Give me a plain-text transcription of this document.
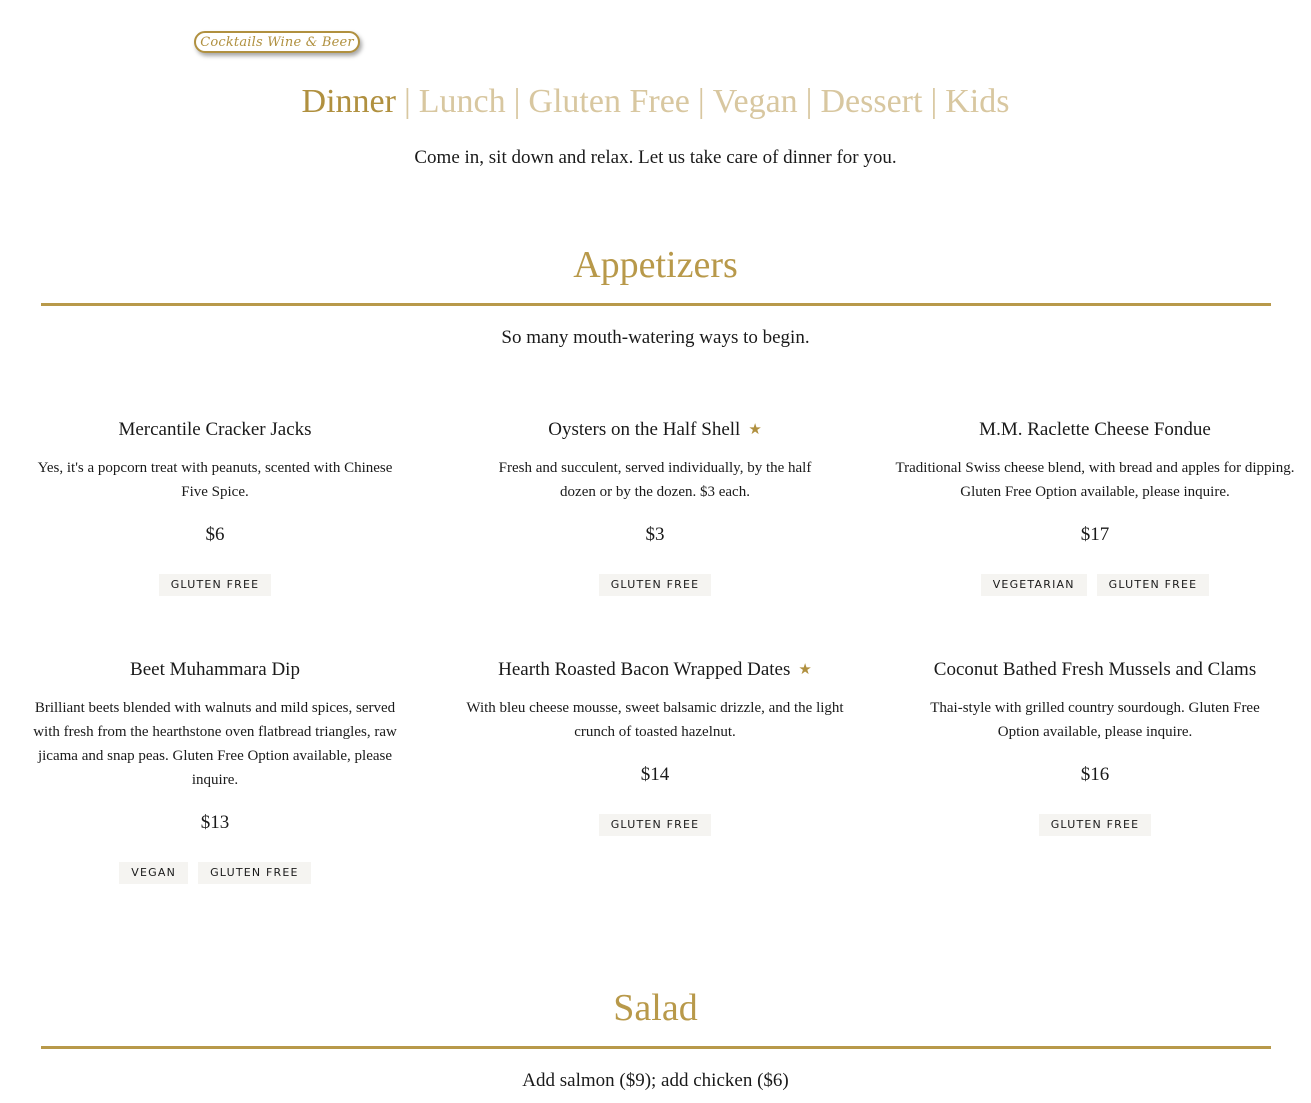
Cocktails Wine & Beer
Dinner | Lunch | Gluten Free | Vegan | Dessert | Kids
Come in, sit down and relax. Let us take care of dinner for you.
Appetizers
So many mouth-watering ways to begin.
Mercantile Cracker Jacks
Yes, it's a popcorn treat with peanuts, scented with Chinese Five Spice.
$6
GLUTEN FREE
Oysters on the Half Shell ★
Fresh and succulent, served individually, by the half dozen or by the dozen. $3 each.
$3
GLUTEN FREE
M.M. Raclette Cheese Fondue
Traditional Swiss cheese blend, with bread and apples for dipping. Gluten Free Option available, please inquire.
$17
VEGETARIAN	GLUTEN FREE
Beet Muhammara Dip
Brilliant beets blended with walnuts and mild spices, served with fresh from the hearthstone oven flatbread triangles, raw jicama and snap peas. Gluten Free Option available, please inquire.
$13
VEGAN	GLUTEN FREE
Hearth Roasted Bacon Wrapped Dates ★
With bleu cheese mousse, sweet balsamic drizzle, and the light crunch of toasted hazelnut.
$14
GLUTEN FREE
Coconut Bathed Fresh Mussels and Clams
Thai-style with grilled country sourdough. Gluten Free Option available, please inquire.
$16
GLUTEN FREE
Salad
Add salmon ($9); add chicken ($6)
